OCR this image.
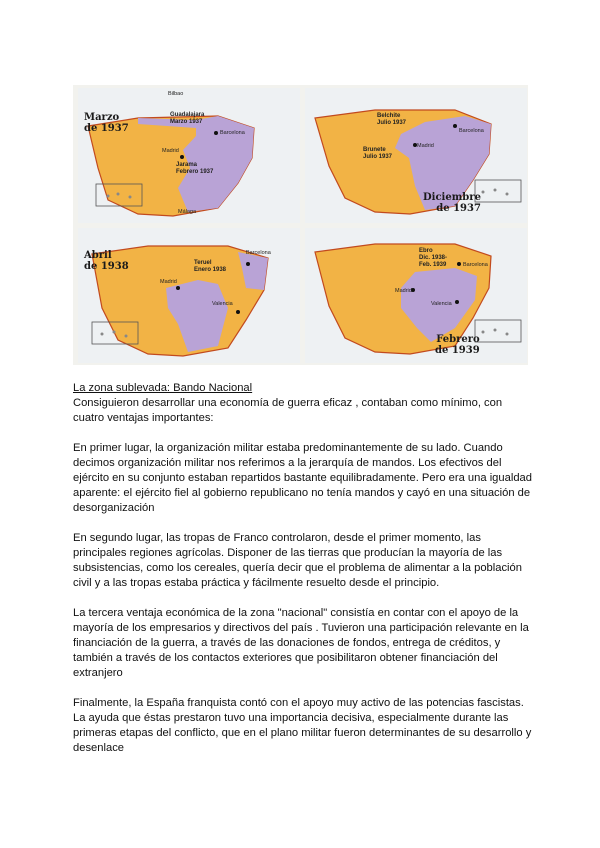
Marzo
de 1937
Bilbao
Madrid
Barcelona
Málaga
Guadalajara
Marzo 1937
Jarama
Febrero 1937
Diciembre
de 1937
Madrid
Barcelona
Belchite
Julio 1937
Brunete
Julio 1937
Abril
de 1938
Madrid
Barcelona
Valencia
Teruel
Enero 1938
Febrero
de 1939
Madrid
Barcelona
Valencia
Ebro
Dic. 1938-
Feb. 1939

La zona sublevada: Bando Nacional
Consiguieron desarrollar una economía de guerra eficaz , contaban como mínimo, con cuatro ventajas importantes:

En primer lugar, la organización militar estaba predominantemente de su lado. Cuando decimos organización militar nos referimos a la jerarquía de mandos. Los efectivos del ejército en su conjunto estaban repartidos bastante equilibradamente. Pero era una igualdad aparente: el ejército fiel al gobierno republicano no tenía mandos y cayó en una situación de desorganización

En segundo lugar, las tropas de Franco controlaron, desde el primer momento, las principales regiones agrícolas. Disponer de las tierras que producían la mayoría de las subsistencias, como los cereales, quería decir que el problema de alimentar a la población civil y a las tropas estaba práctica y fácilmente resuelto desde el principio.

La tercera ventaja económica de la zona "nacional" consistía en contar con el apoyo de la mayoría de los empresarios y directivos del país . Tuvieron una participación relevante en la financiación de la guerra, a través de las donaciones de fondos, entrega de créditos, y también a través de los contactos exteriores que posibilitaron obtener financiación del extranjero

Finalmente, la España franquista contó con el apoyo muy activo de las potencias fascistas. La ayuda que éstas prestaron tuvo una importancia decisiva, especialmente durante las primeras etapas del conflicto, que en el plano militar fueron determinantes de su desarrollo y desenlace
